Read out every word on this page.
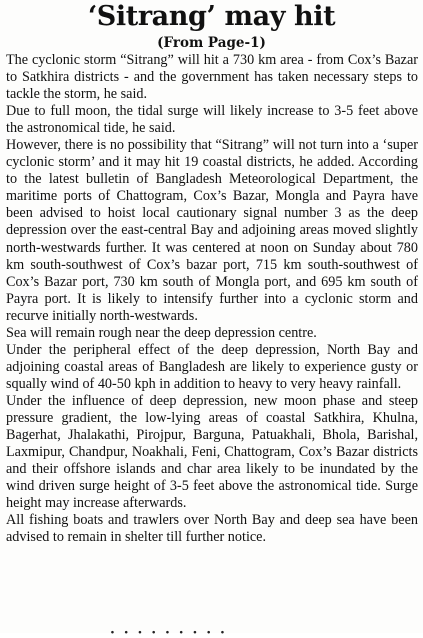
‘Sitrang’ may hit

(From Page-1)

The cyclonic storm “Sitrang” will hit a 730 km area - from Cox’s Bazar to Satkhira districts - and the government has taken necessary steps to tackle the storm, he said.

Due to full moon, the tidal surge will likely increase to 3-5 feet above the astronomical tide, he said.

However, there is no possibility that “Sitrang” will not turn into a ‘super cyclonic storm’ and it may hit 19 coastal districts, he added. According to the latest bulletin of Bangladesh Meteorological Department, the maritime ports of Chattogram, Cox’s Bazar, Mongla and Payra have been advised to hoist local cautionary signal number 3 as the deep depression over the east-central Bay and adjoining areas moved slightly north-westwards further. It was centered at noon on Sunday about 780 km south-southwest of Cox’s bazar port, 715 km south-southwest of Cox’s Bazar port, 730 km south of Mongla port, and 695 km south of Payra port. It is likely to intensify further into a cyclonic storm and recurve initially north-westwards.

Sea will remain rough near the deep depression centre.

Under the peripheral effect of the deep depression, North Bay and adjoining coastal areas of Bangladesh are likely to experience gusty or squally wind of 40-50 kph in addition to heavy to very heavy rainfall.

Under the influence of deep depression, new moon phase and steep pressure gradient, the low-lying areas of coastal Satkhira, Khulna, Bagerhat, Jhalakathi, Pirojpur, Barguna, Patuakhali, Bhola, Barishal, Laxmipur, Chandpur, Noakhali, Feni, Chattogram, Cox’s Bazar districts and their offshore islands and char area likely to be inundated by the wind driven surge height of 3-5 feet above the astronomical tide. Surge height may increase afterwards.

All fishing boats and trawlers over North Bay and deep sea have been advised to remain in shelter till further notice.

· · · · · · · · ·
